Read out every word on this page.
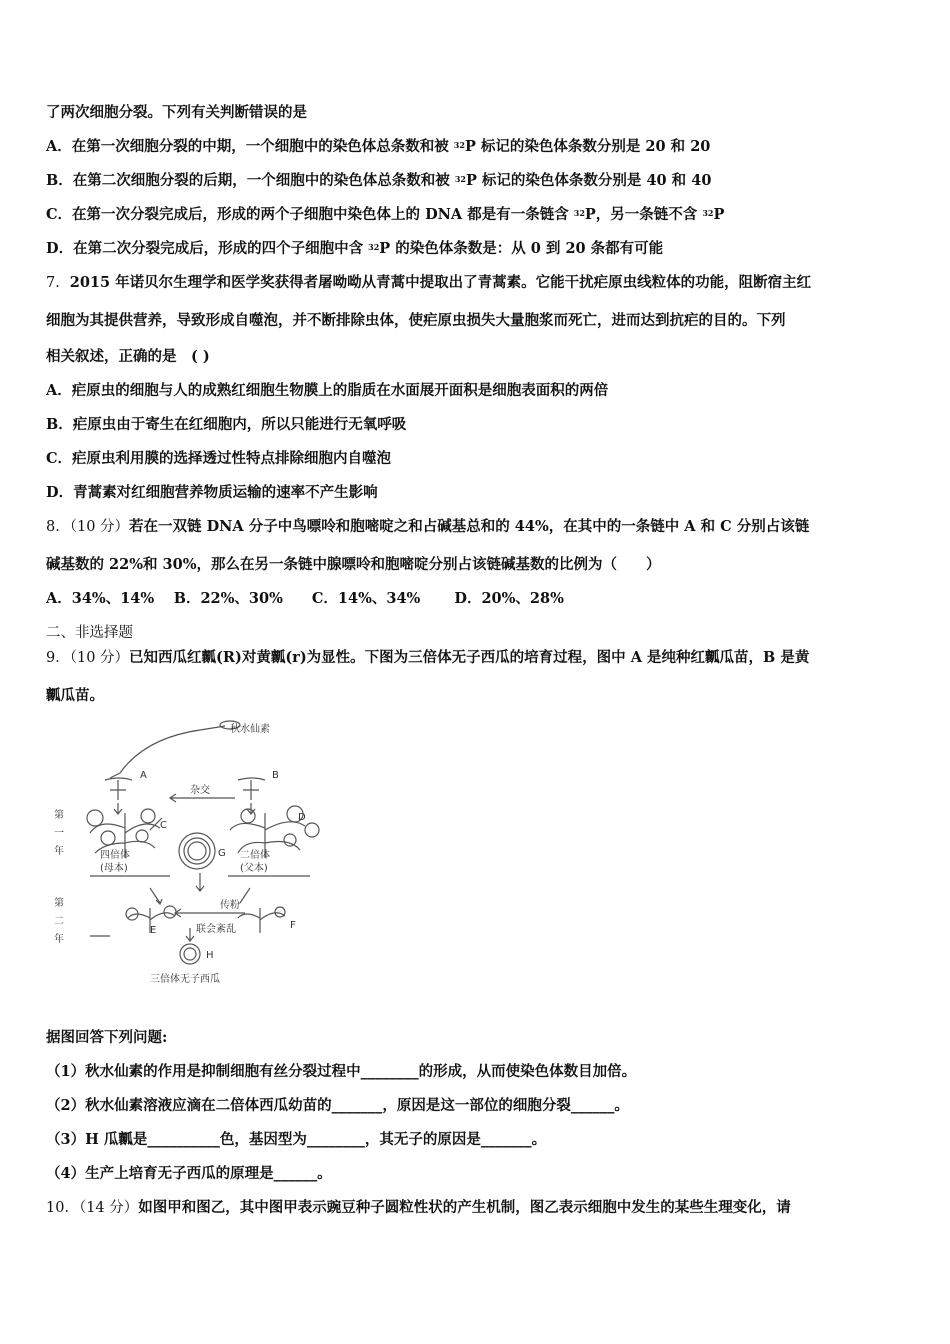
了两次细胞分裂。下列有关判断错误的是
A．在第一次细胞分裂的中期，一个细胞中的染色体总条数和被 $^{32}$P 标记的染色体条数分别是 20 和 20
B．在第二次细胞分裂的后期，一个细胞中的染色体总条数和被 $^{32}$P 标记的染色体条数分别是 40 和 40
C．在第一次分裂完成后，形成的两个子细胞中染色体上的 DNA 都是有一条链含 $^{32}$P，另一条链不含 $^{32}$P
D．在第二次分裂完成后，形成的四个子细胞中含 $^{32}$P 的染色体条数是：从 0 到 20 条都有可能
7．2015 年诺贝尔生理学和医学奖获得者屠呦呦从青蒿中提取出了青蒿素。它能干扰疟原虫线粒体的功能，阻断宿主红
细胞为其提供营养，导致形成自噬泡，并不断排除虫体，使疟原虫损失大量胞浆而死亡，进而达到抗疟的目的。下列
相关叙述，正确的是　( )
A．疟原虫的细胞与人的成熟红细胞生物膜上的脂质在水面展开面积是细胞表面积的两倍
B．疟原虫由于寄生在红细胞内，所以只能进行无氧呼吸
C．疟原虫利用膜的选择透过性特点排除细胞内自噬泡
D．青蒿素对红细胞营养物质运输的速率不产生影响
8．（10 分）若在一双链 DNA 分子中鸟嘌呤和胞嘧啶之和占碱基总和的 44%，在其中的一条链中 A 和 C 分别占该链
碱基数的 22%和 30%，那么在另一条链中腺嘌呤和胞嘧啶分别占该链碱基数的比例为（　　）
A．34%、14%　 B．22%、30%　　C．14%、34%　　 D．20%、28%
二、非选择题
9．（10 分）已知西瓜红瓤(R)对黄瓤(r)为显性。下图为三倍体无子西瓜的培育过程，图中 A 是纯种红瓤瓜苗，B 是黄
瓤瓜苗。
秋水仙素
A	B
杂交
第
一
年
C
D
四倍体
(母本)
G 二倍体
(父本)
第
二
年
传粉
E	F
联会紊乱
H
三倍体无子西瓜
据图回答下列问题:
（1）秋水仙素的作用是抑制细胞有丝分裂过程中________的形成，从而使染色体数目加倍。
（2）秋水仙素溶液应滴在二倍体西瓜幼苗的_______，原因是这一部位的细胞分裂______。
（3）H 瓜瓤是__________色，基因型为________，其无子的原因是_______。
（4）生产上培育无子西瓜的原理是______。
10．（14 分）如图甲和图乙，其中图甲表示豌豆种子圆粒性状的产生机制，图乙表示细胞中发生的某些生理变化，请
